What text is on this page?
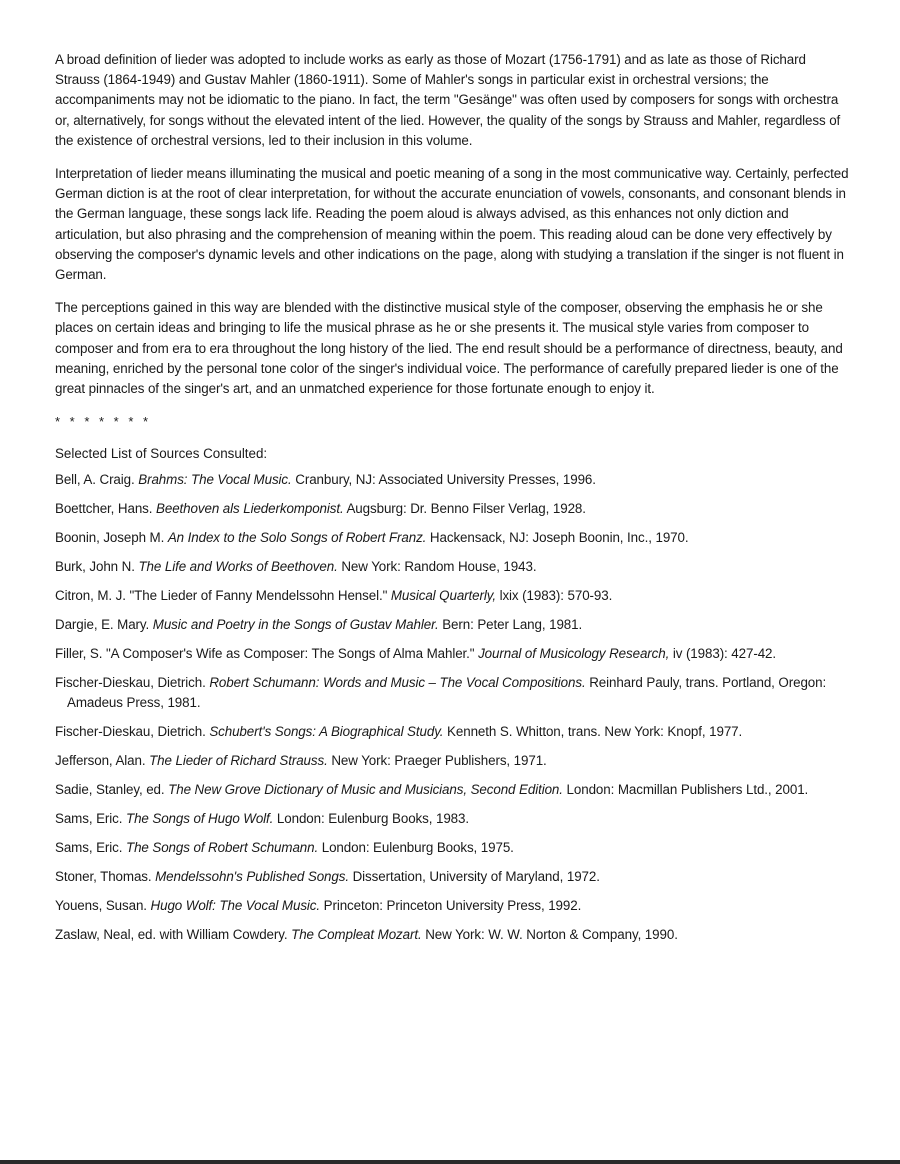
A broad definition of lieder was adopted to include works as early as those of Mozart (1756-1791) and as late as those of Richard Strauss (1864-1949) and Gustav Mahler (1860-1911). Some of Mahler's songs in particular exist in orchestral versions; the accompaniments may not be idiomatic to the piano. In fact, the term "Gesänge" was often used by composers for songs with orchestra or, alternatively, for songs without the elevated intent of the lied. However, the quality of the songs by Strauss and Mahler, regardless of the existence of orchestral versions, led to their inclusion in this volume.

Interpretation of lieder means illuminating the musical and poetic meaning of a song in the most communicative way. Certainly, perfected German diction is at the root of clear interpretation, for without the accurate enunciation of vowels, consonants, and consonant blends in the German language, these songs lack life. Reading the poem aloud is always advised, as this enhances not only diction and articulation, but also phrasing and the comprehension of meaning within the poem. This reading aloud can be done very effectively by observing the composer's dynamic levels and other indications on the page, along with studying a translation if the singer is not fluent in German.

The perceptions gained in this way are blended with the distinctive musical style of the composer, observing the emphasis he or she places on certain ideas and bringing to life the musical phrase as he or she presents it. The musical style varies from composer to composer and from era to era throughout the long history of the lied. The end result should be a performance of directness, beauty, and meaning, enriched by the personal tone color of the singer's individual voice. The performance of carefully prepared lieder is one of the great pinnacles of the singer's art, and an unmatched experience for those fortunate enough to enjoy it.

* * * * * * *
Selected List of Sources Consulted:
Bell, A. Craig. Brahms: The Vocal Music. Cranbury, NJ: Associated University Presses, 1996.
Boettcher, Hans. Beethoven als Liederkomponist. Augsburg: Dr. Benno Filser Verlag, 1928.
Boonin, Joseph M. An Index to the Solo Songs of Robert Franz. Hackensack, NJ: Joseph Boonin, Inc., 1970.
Burk, John N. The Life and Works of Beethoven. New York: Random House, 1943.
Citron, M. J. "The Lieder of Fanny Mendelssohn Hensel." Musical Quarterly, lxix (1983): 570-93.
Dargie, E. Mary. Music and Poetry in the Songs of Gustav Mahler. Bern: Peter Lang, 1981.
Filler, S. "A Composer's Wife as Composer: The Songs of Alma Mahler." Journal of Musicology Research, iv (1983): 427-42.
Fischer-Dieskau, Dietrich. Robert Schumann: Words and Music – The Vocal Compositions. Reinhard Pauly, trans. Portland, Oregon: Amadeus Press, 1981.
Fischer-Dieskau, Dietrich. Schubert's Songs: A Biographical Study. Kenneth S. Whitton, trans. New York: Knopf, 1977.
Jefferson, Alan. The Lieder of Richard Strauss. New York: Praeger Publishers, 1971.
Sadie, Stanley, ed. The New Grove Dictionary of Music and Musicians, Second Edition. London: Macmillan Publishers Ltd., 2001.
Sams, Eric. The Songs of Hugo Wolf. London: Eulenburg Books, 1983.
Sams, Eric. The Songs of Robert Schumann. London: Eulenburg Books, 1975.
Stoner, Thomas. Mendelssohn's Published Songs. Dissertation, University of Maryland, 1972.
Youens, Susan. Hugo Wolf: The Vocal Music. Princeton: Princeton University Press, 1992.
Zaslaw, Neal, ed. with William Cowdery. The Compleat Mozart. New York: W. W. Norton & Company, 1990.
